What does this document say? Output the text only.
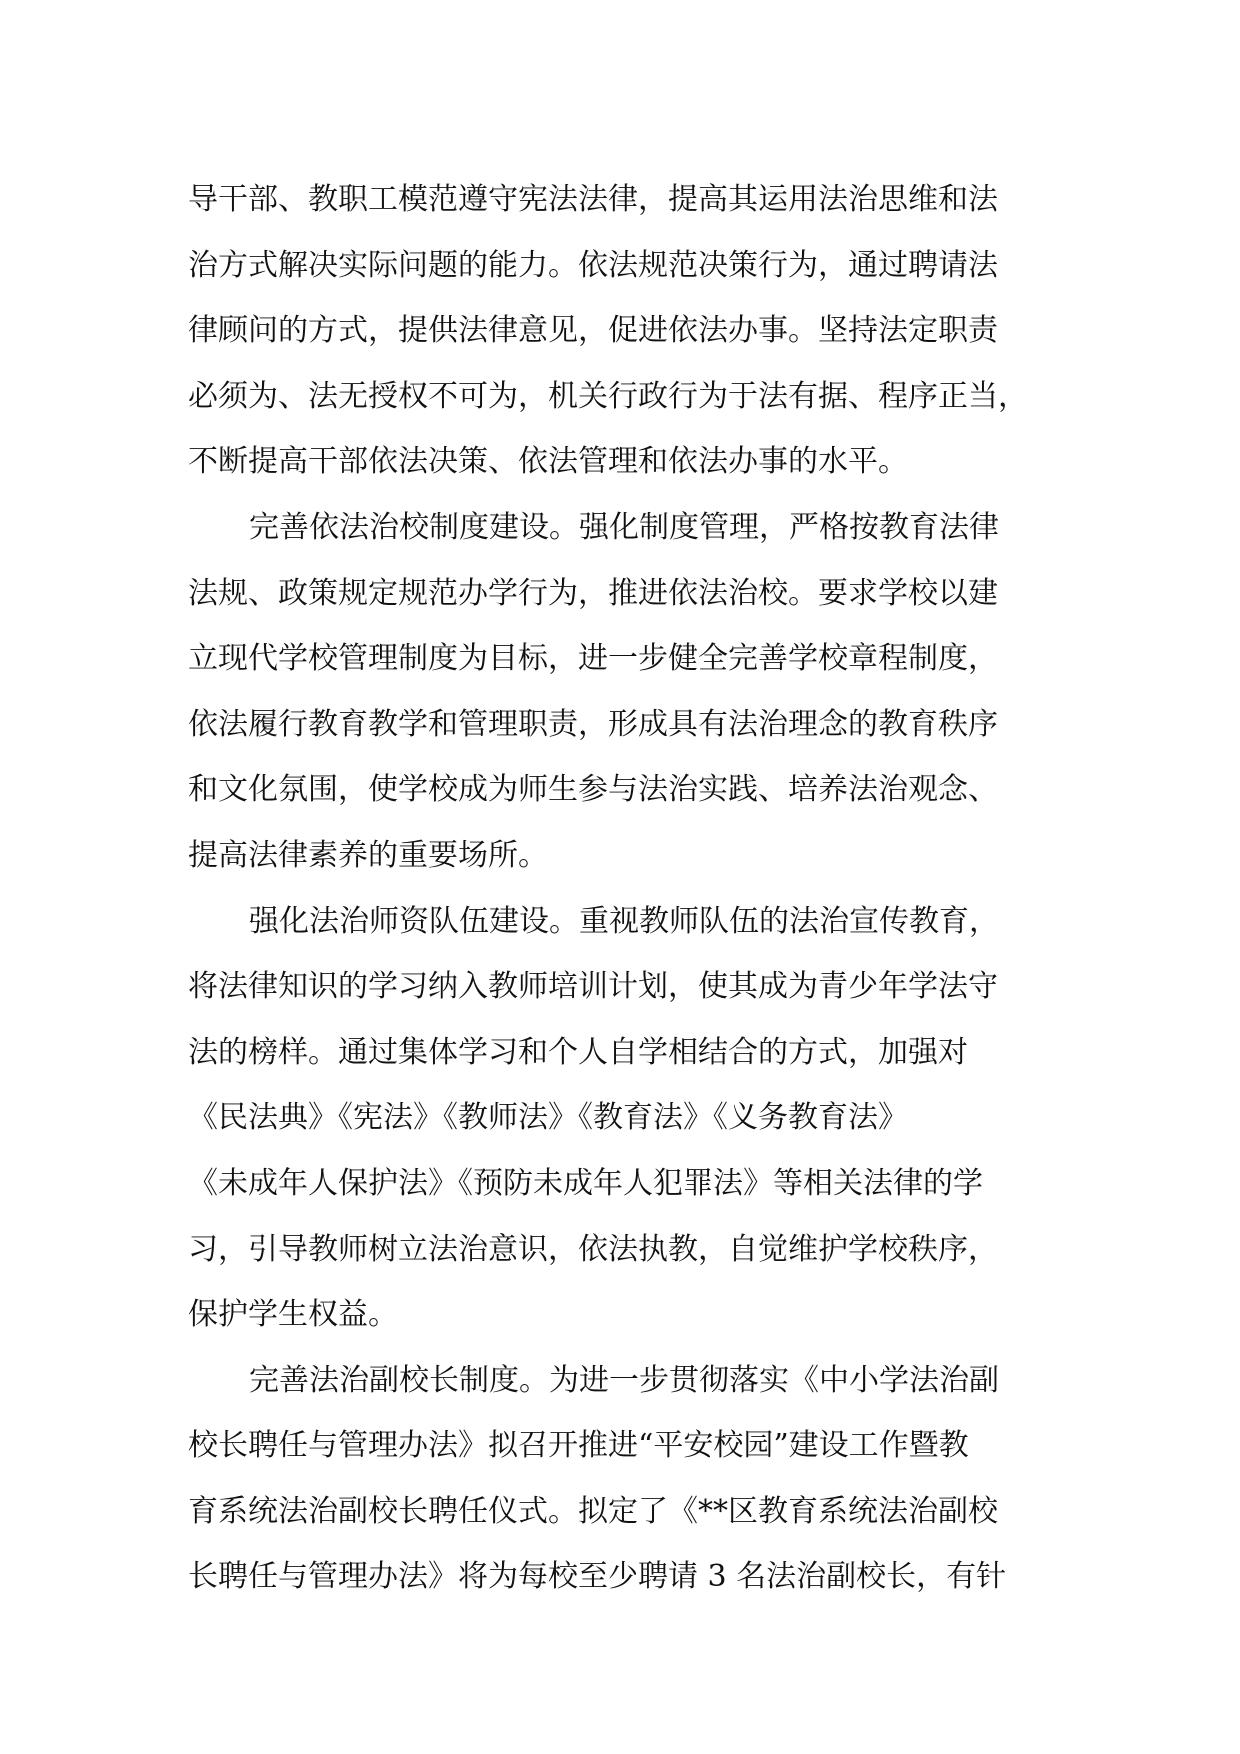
导干部、教职工模范遵守宪法法律，提高其运用法治思维和法
治方式解决实际问题的能力。依法规范决策行为，通过聘请法
律顾问的方式，提供法律意见，促进依法办事。坚持法定职责
必须为、法无授权不可为，机关行政行为于法有据、程序正当，
不断提高干部依法决策、依法管理和依法办事的水平。
完善依法治校制度建设。强化制度管理，严格按教育法律
法规、政策规定规范办学行为，推进依法治校。要求学校以建
立现代学校管理制度为目标，进一步健全完善学校章程制度，
依法履行教育教学和管理职责，形成具有法治理念的教育秩序
和文化氛围，使学校成为师生参与法治实践、培养法治观念、
提高法律素养的重要场所。
强化法治师资队伍建设。重视教师队伍的法治宣传教育，
将法律知识的学习纳入教师培训计划，使其成为青少年学法守
法的榜样。通过集体学习和个人自学相结合的方式，加强对
《民法典》《宪法》《教师法》《教育法》《义务教育法》
《未成年人保护法》《预防未成年人犯罪法》等相关法律的学
习，引导教师树立法治意识，依法执教，自觉维护学校秩序，
保护学生权益。
完善法治副校长制度。为进一步贯彻落实《中小学法治副
校长聘任与管理办法》拟召开推进“平安校园”建设工作暨教
育系统法治副校长聘任仪式。拟定了《**区教育系统法治副校
长聘任与管理办法》将为每校至少聘请 3 名法治副校长，有针
